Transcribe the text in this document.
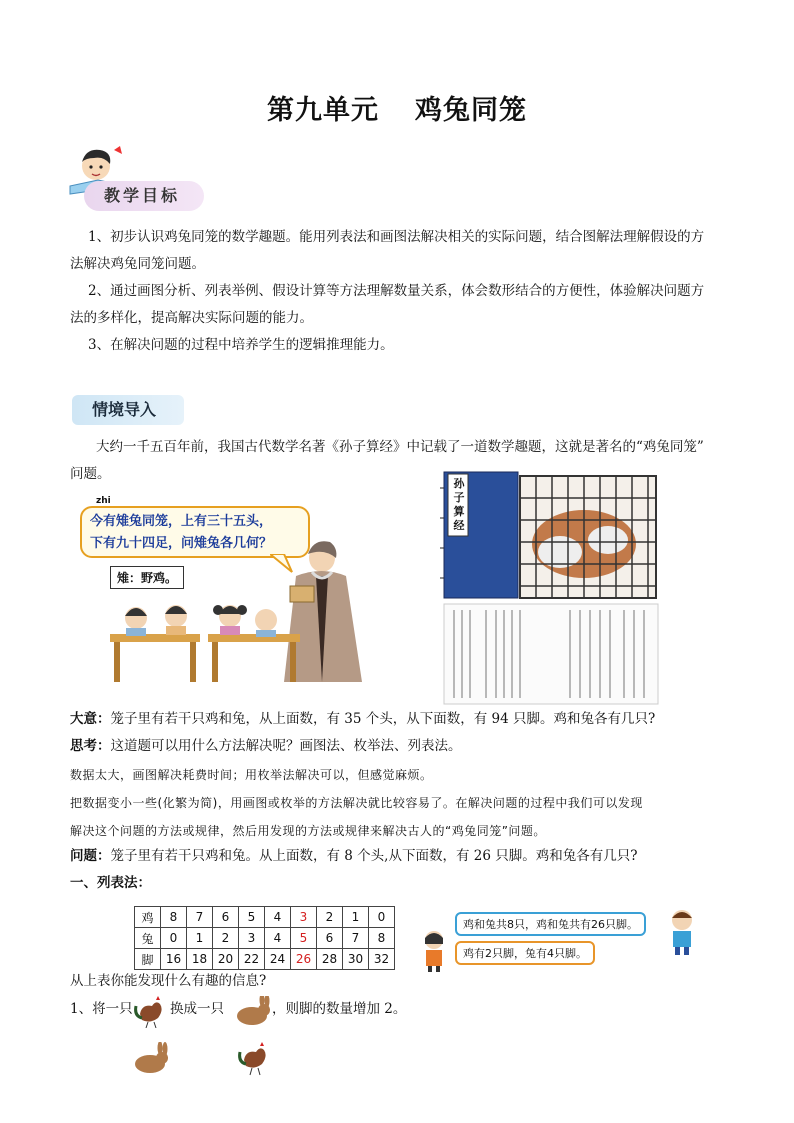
第九单元 鸡兔同笼
教学目标
1、初步认识鸡兔同笼的数学趣题。能用列表法和画图法解决相关的实际问题，结合图解法理解假设的方
法解决鸡兔同笼问题。
2、通过画图分析、列表举例、假设计算等方法理解数量关系，体会数形结合的方便性，体验解决问题方
法的多样化，提高解决实际问题的能力。
3、在解决问题的过程中培养学生的逻辑推理能力。
情境导入
大约一千五百年前，我国古代数学名著《孙子算经》中记载了一道数学趣题，这就是著名的“鸡兔同笼”
问题。
zhi
今有雉兔同笼，上有三十五头，
下有九十四足，问雉兔各几何？
雉：野鸡。
孙子算经
大意：笼子里有若干只鸡和兔，从上面数，有 35 个头，从下面数，有 94 只脚。鸡和兔各有几只?
思考：这道题可以用什么方法解决呢？画图法、枚举法、列表法。
数据太大，画图解决耗费时间；用枚举法解决可以，但感觉麻烦。
把数据变小一些(化繁为简)，用画图或枚举的方法解决就比较容易了。在解决问题的过程中我们可以发现
解决这个问题的方法或规律，然后用发现的方法或规律来解决古人的“鸡兔同笼”问题。
问题：笼子里有若干只鸡和兔。从上面数，有 8 个头,从下面数，有 26 只脚。鸡和兔各有几只?
一、列表法：
鸡	8	7	6	5	4	3	2	1	0
兔	0	1	2	3	4	5	6	7	8
脚	16	18	20	22	24	26	28	30	32
鸡和兔共8只，鸡和兔共有26只脚。
鸡有2只脚，兔有4只脚。
从上表你能发现什么有趣的信息?
1、将一只	换成一只	，则脚的数量增加 2。
